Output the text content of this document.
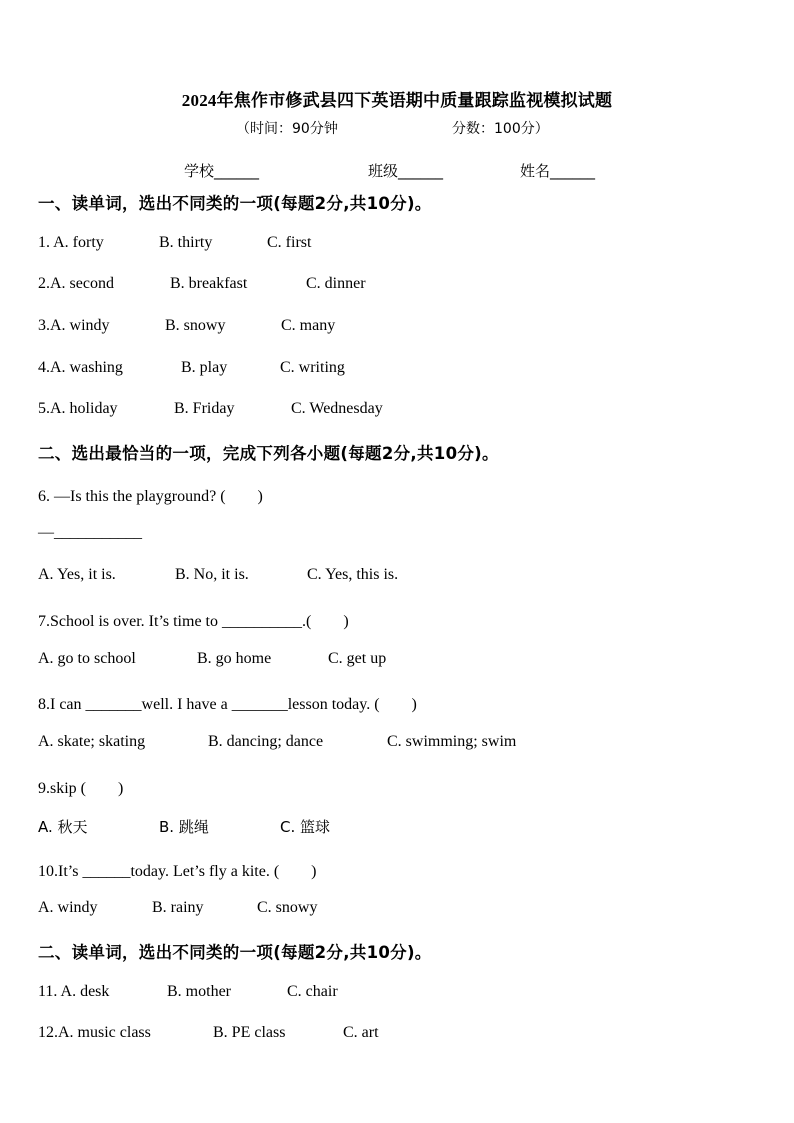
2024年焦作市修武县四下英语期中质量跟踪监视模拟试题
（时间：90分钟	分数：100分）
学校______	班级______	姓名______
一、读单词，选出不同类的一项(每题2分,共10分)。
1. A. forty	B. thirty	C. first
2.A. second	B. breakfast	C. dinner
3.A. windy	B. snowy	C. many
4.A. washing	B. play	C. writing
5.A. holiday	B. Friday	C. Wednesday
二、选出最恰当的一项，完成下列各小题(每题2分,共10分)。
6. —Is this the playground? (　　)
—___________
A. Yes, it is.	B. No, it is.	C. Yes, this is.
7.School is over. It’s time to __________.(　　)
A. go to school	B. go home	C. get up
8.I can _______well. I have a _______lesson today. (　　)
A. skate; skating	B. dancing; dance	C. swimming; swim
9.skip (　　)
A. 秋天	B. 跳绳	C. 篮球
10.It’s ______today. Let’s fly a kite. (　　)
A. windy	B. rainy	C. snowy
二、读单词，选出不同类的一项(每题2分,共10分)。
11. A. desk	B. mother	C. chair
12.A. music class	B. PE class	C. art
